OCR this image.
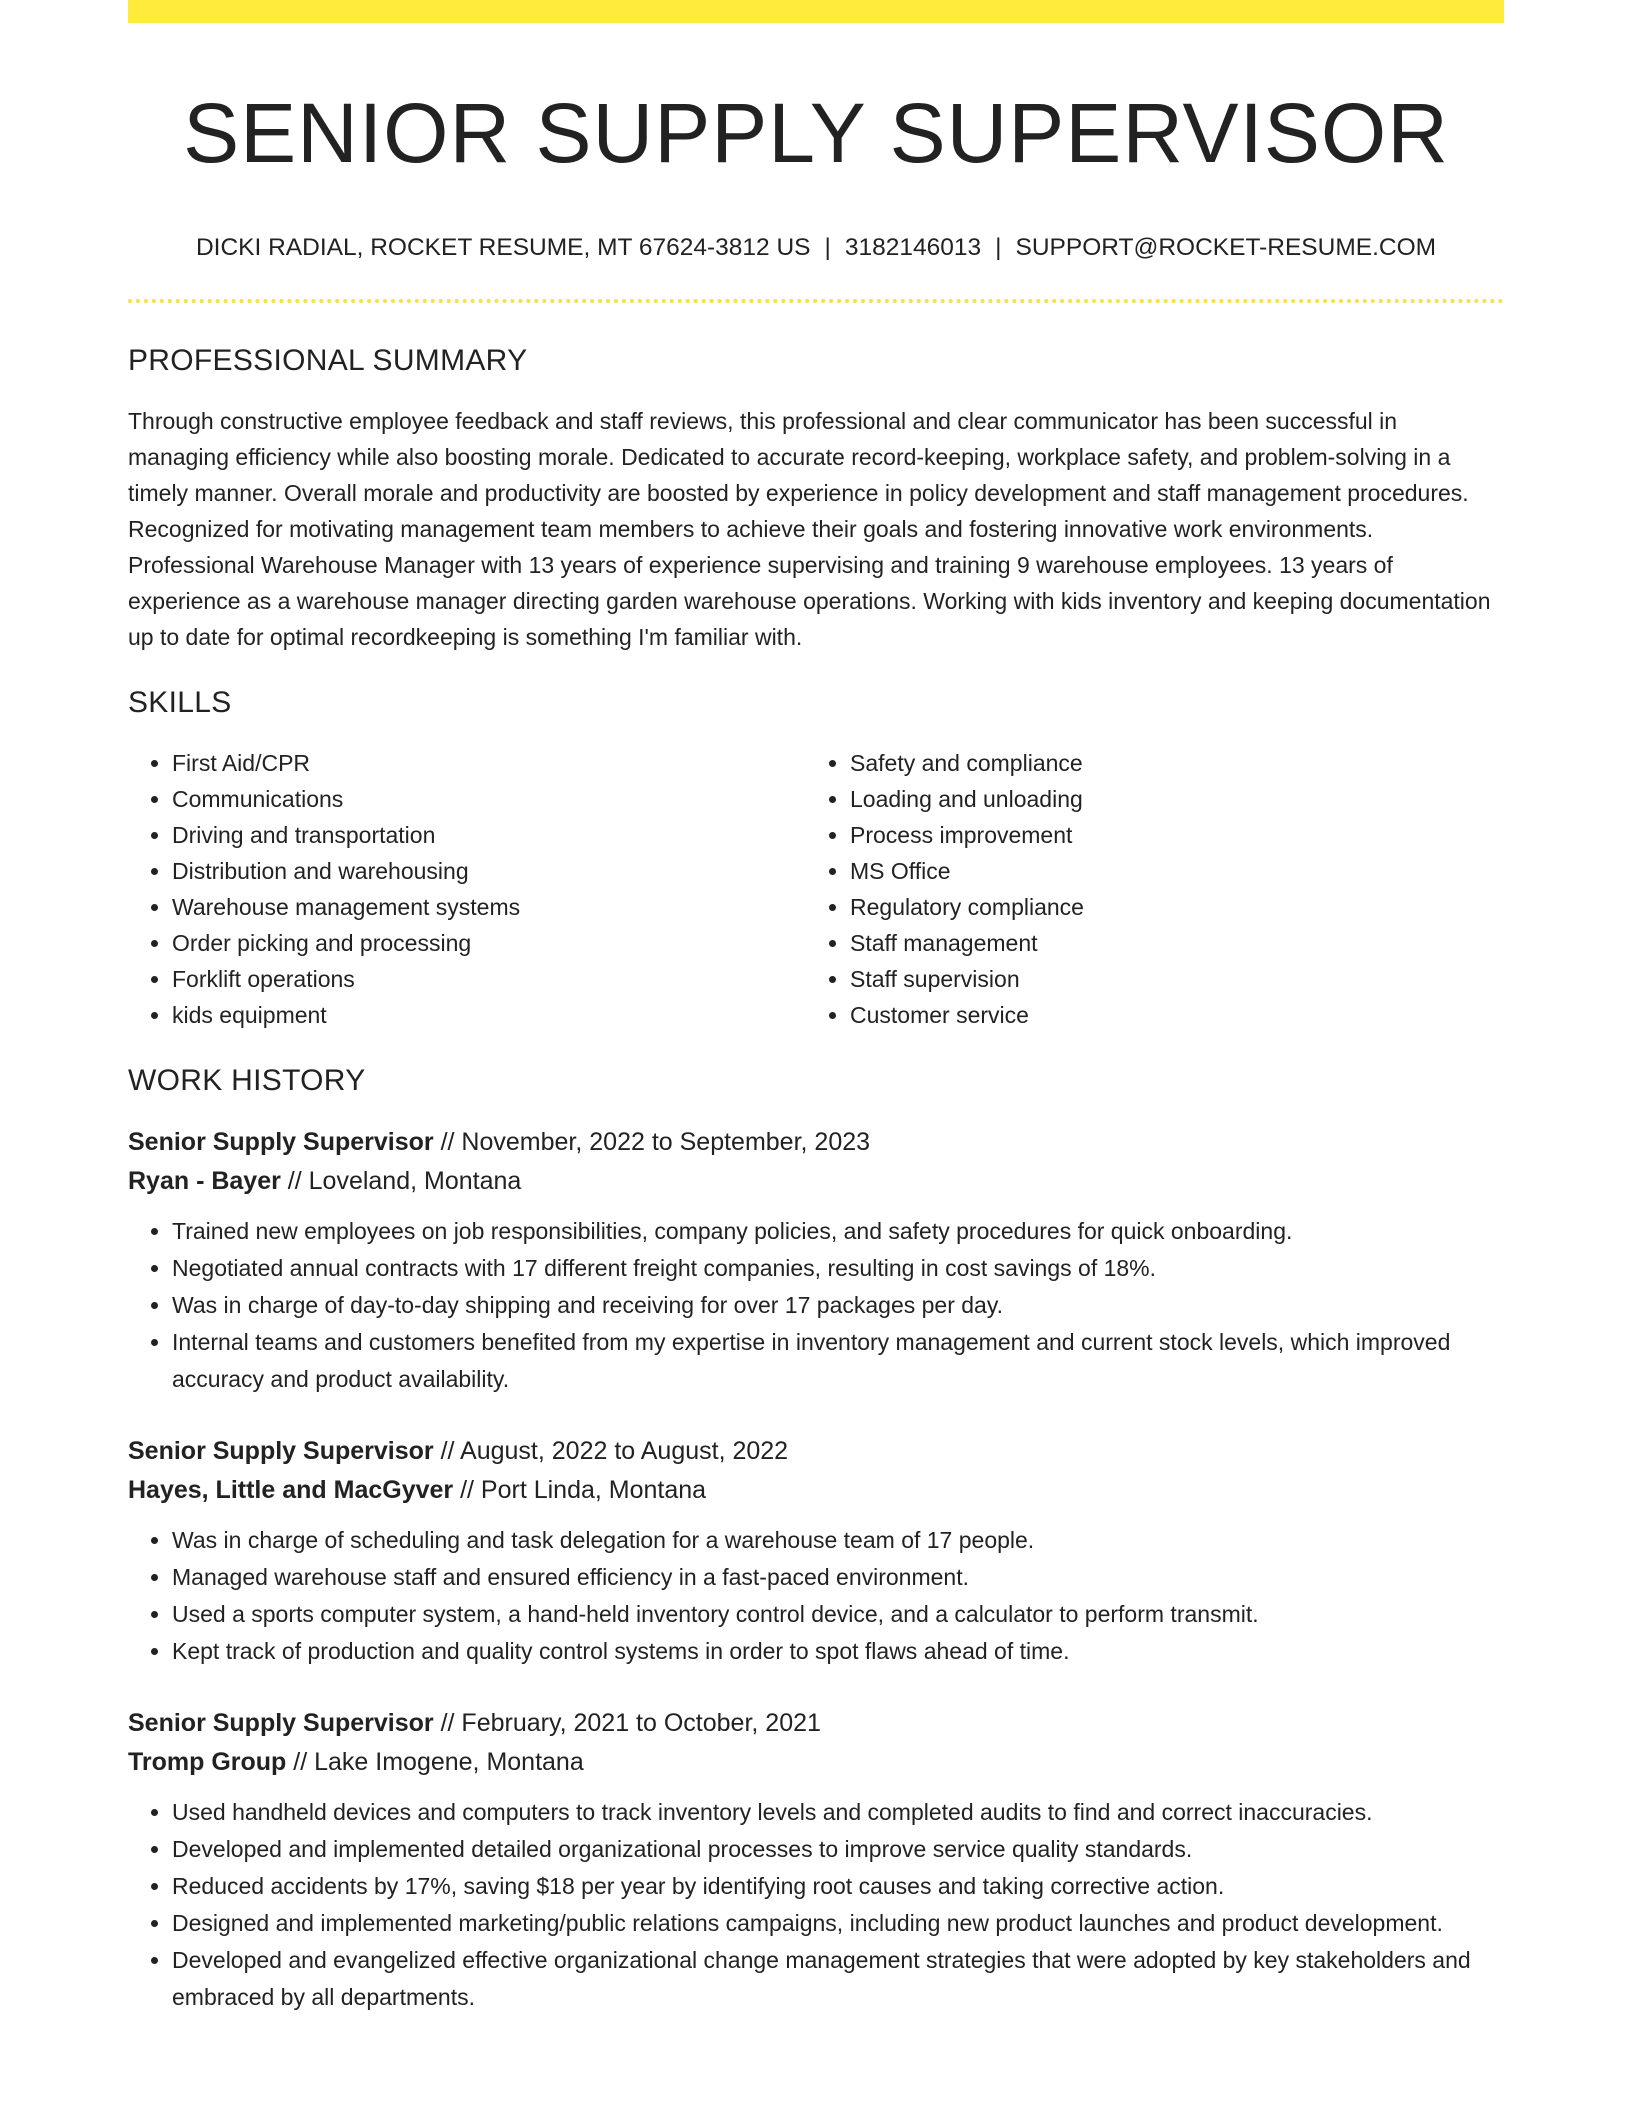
SENIOR SUPPLY SUPERVISOR
DICKI RADIAL, ROCKET RESUME, MT 67624-3812 US | 3182146013 | SUPPORT@ROCKET-RESUME.COM
PROFESSIONAL SUMMARY
Through constructive employee feedback and staff reviews, this professional and clear communicator has been successful in managing efficiency while also boosting morale. Dedicated to accurate record-keeping, workplace safety, and problem-solving in a timely manner. Overall morale and productivity are boosted by experience in policy development and staff management procedures. Recognized for motivating management team members to achieve their goals and fostering innovative work environments. Professional Warehouse Manager with 13 years of experience supervising and training 9 warehouse employees. 13 years of experience as a warehouse manager directing garden warehouse operations. Working with kids inventory and keeping documentation up to date for optimal recordkeeping is something I'm familiar with.
SKILLS
• First Aid/CPR
• Communications
• Driving and transportation
• Distribution and warehousing
• Warehouse management systems
• Order picking and processing
• Forklift operations
• kids equipment
• Safety and compliance
• Loading and unloading
• Process improvement
• MS Office
• Regulatory compliance
• Staff management
• Staff supervision
• Customer service
WORK HISTORY
Senior Supply Supervisor // November, 2022 to September, 2023
Ryan - Bayer // Loveland, Montana
• Trained new employees on job responsibilities, company policies, and safety procedures for quick onboarding.
• Negotiated annual contracts with 17 different freight companies, resulting in cost savings of 18%.
• Was in charge of day-to-day shipping and receiving for over 17 packages per day.
• Internal teams and customers benefited from my expertise in inventory management and current stock levels, which improved accuracy and product availability.
Senior Supply Supervisor // August, 2022 to August, 2022
Hayes, Little and MacGyver // Port Linda, Montana
• Was in charge of scheduling and task delegation for a warehouse team of 17 people.
• Managed warehouse staff and ensured efficiency in a fast-paced environment.
• Used a sports computer system, a hand-held inventory control device, and a calculator to perform transmit.
• Kept track of production and quality control systems in order to spot flaws ahead of time.
Senior Supply Supervisor // February, 2021 to October, 2021
Tromp Group // Lake Imogene, Montana
• Used handheld devices and computers to track inventory levels and completed audits to find and correct inaccuracies.
• Developed and implemented detailed organizational processes to improve service quality standards.
• Reduced accidents by 17%, saving $18 per year by identifying root causes and taking corrective action.
• Designed and implemented marketing/public relations campaigns, including new product launches and product development.
• Developed and evangelized effective organizational change management strategies that were adopted by key stakeholders and embraced by all departments.
